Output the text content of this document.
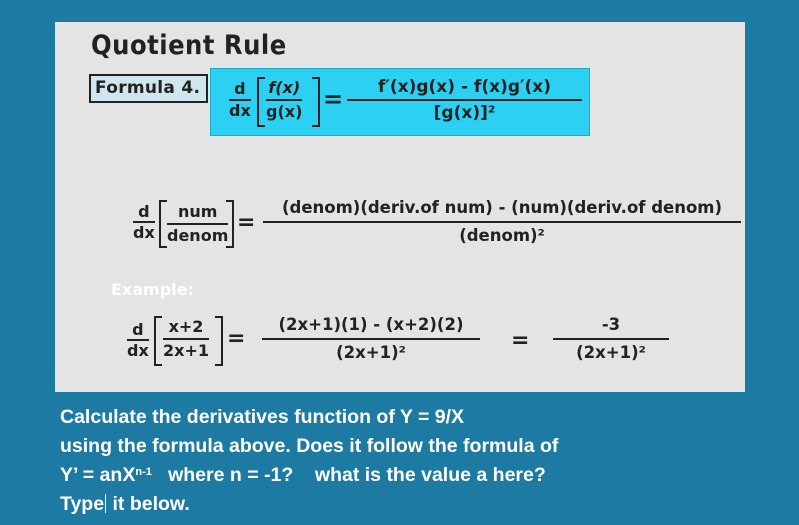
Quotient Rule
Formula 4.	d
dx
f(x)
g(x) =	f′(x)g(x) - f(x)g′(x)
[g(x)]²
d
dx
num
denom
=
(denom)(deriv.of num) - (num)(deriv.of denom)
(denom)²
Example:
d
dx
x+2
2x+1 =
(2x+1)(1) - (x+2)(2)
(2x+1)²	=
-3
(2x+1)²
Calculate the derivatives function of Y = 9/X
using the formula above. Does it follow the formula of
Y’ = anX$^{n-1}$   where n = -1?    what is the value a here?
Type it below.
